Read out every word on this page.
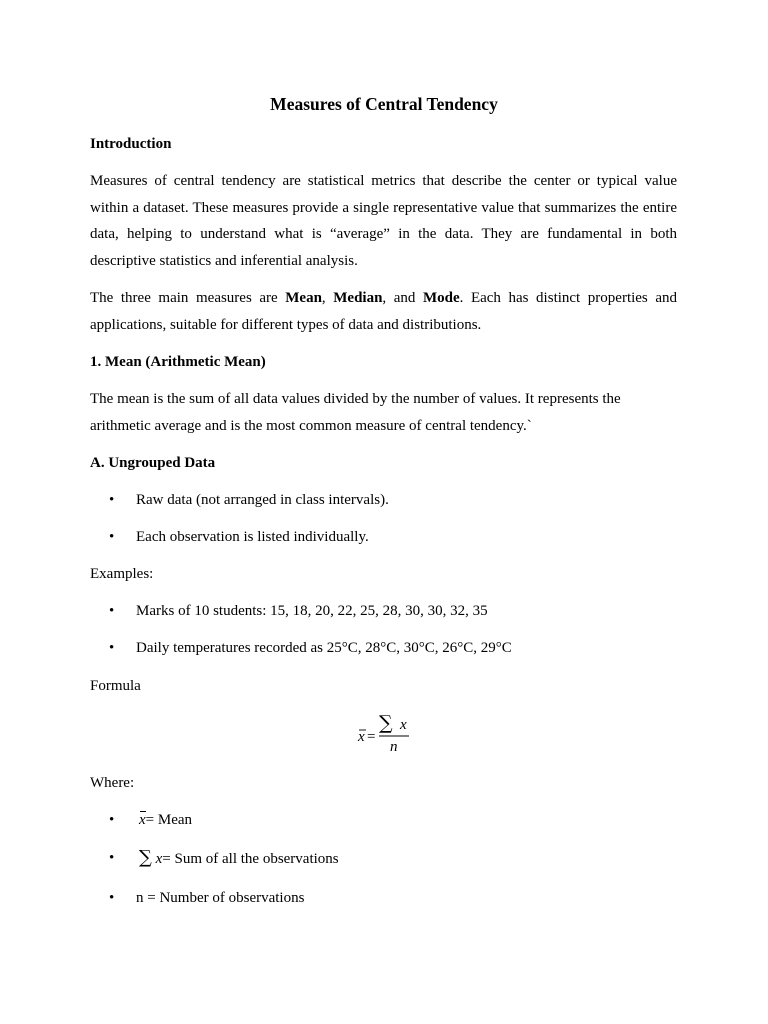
Measures of Central Tendency
Introduction
Measures of central tendency are statistical metrics that describe the center or typical value within a dataset. These measures provide a single representative value that summarizes the entire data, helping to understand what is “average” in the data. They are fundamental in both descriptive statistics and inferential analysis.
The three main measures are Mean, Median, and Mode. Each has distinct properties and applications, suitable for different types of data and distributions.
1. Mean (Arithmetic Mean)
The mean is the sum of all data values divided by the number of values. It represents the arithmetic average and is the most common measure of central tendency.`
A. Ungrouped Data
• Raw data (not arranged in class intervals).
• Each observation is listed individually.
Examples:
• Marks of 10 students: 15, 18, 20, 22, 25, 28, 30, 30, 32, 35
• Daily temperatures recorded as 25°C, 28°C, 30°C, 26°C, 29°C
Formula
x =
∑ x
n
Where:
• x= Mean
• ∑ x= Sum of all the observations
• n = Number of observations
